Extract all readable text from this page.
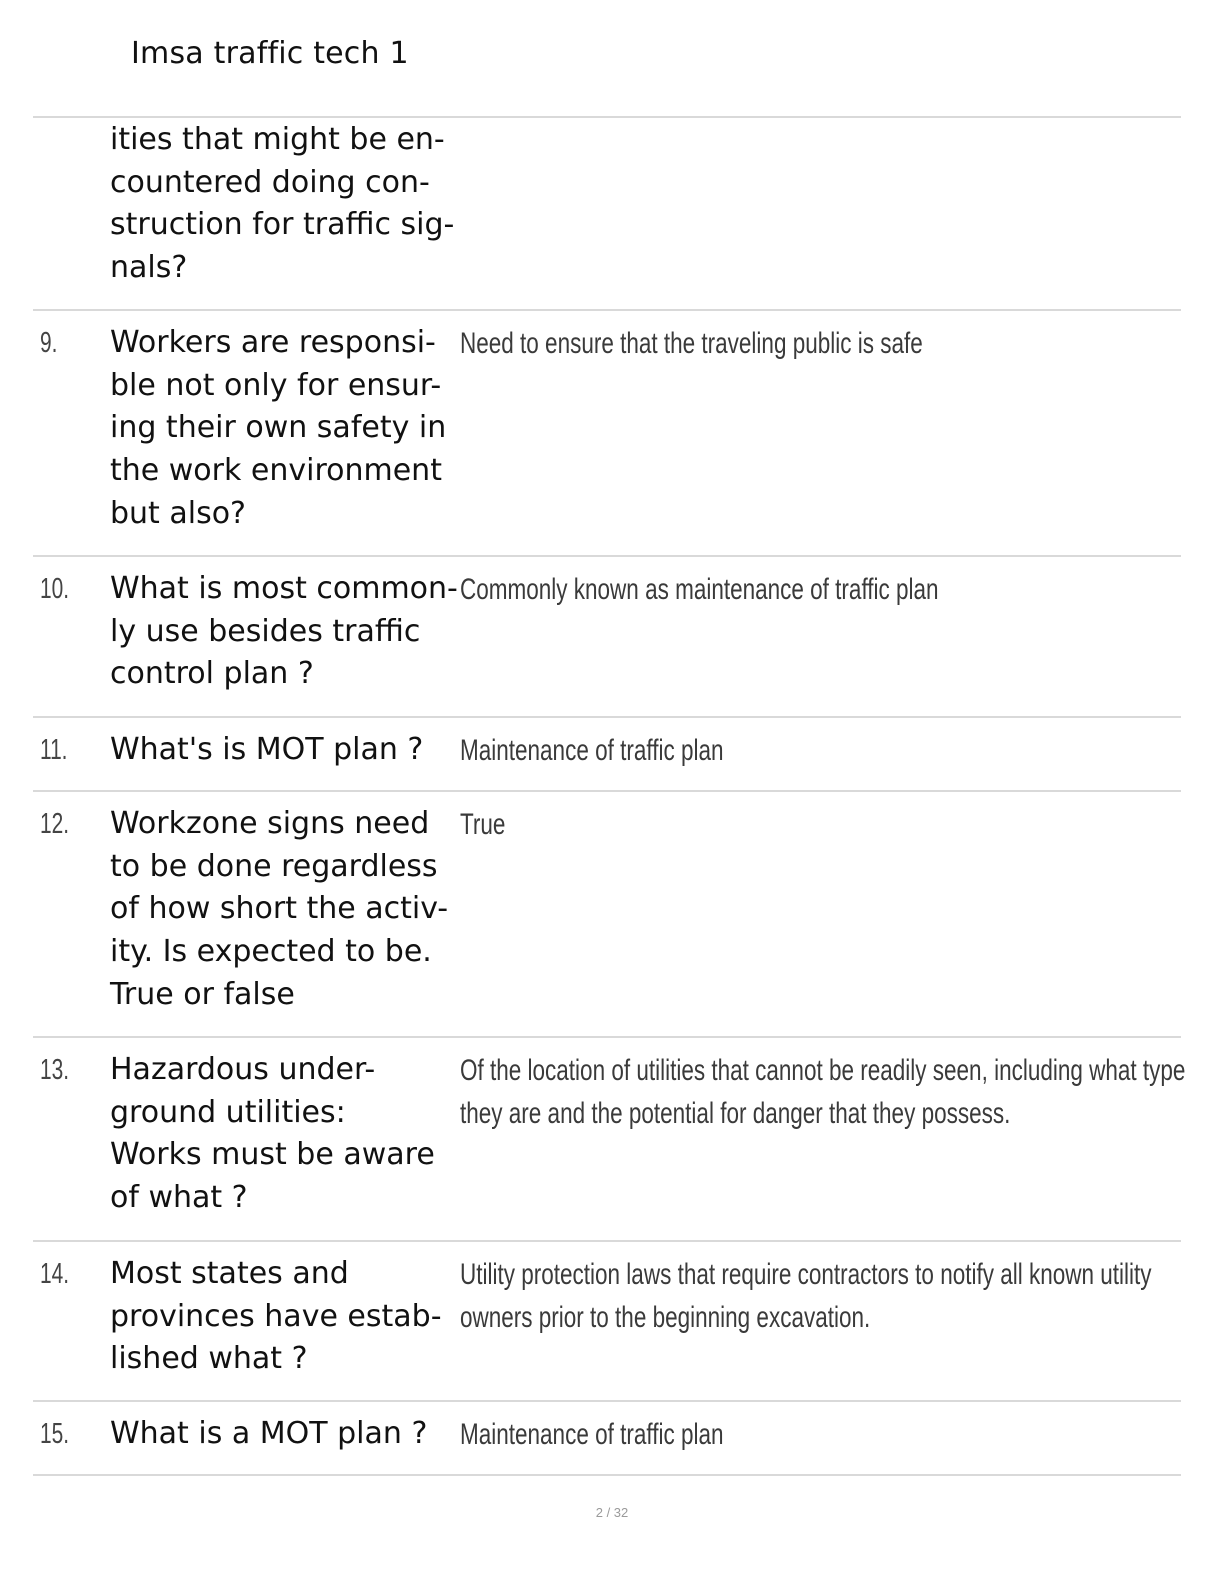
Imsa traffic tech 1
ities that might be en-
countered doing con-
struction for traffic sig-
nals?
9. Workers are responsi-
ble not only for ensur-
ing their own safety in
the work environment
but also?
Need to ensure that the traveling public is safe
10. What is most common-
ly use besides traffic
control plan ?
Commonly known as maintenance of traffic plan
11. What's is MOT plan ?	Maintenance of traffic plan
12. Workzone signs need
to be done regardless
of how short the activ-
ity. Is expected to be.
True or false
True
13. Hazardous under-
ground utilities:
Works must be aware
of what ?
Of the location of utilities that cannot be readily seen, including what type
they are and the potential for danger that they possess.
14. Most states and
provinces have estab-
lished what ?
Utility protection laws that require contractors to notify all known utility
owners prior to the beginning excavation.
15. What is a MOT plan ?	Maintenance of traffic plan
2 / 32
